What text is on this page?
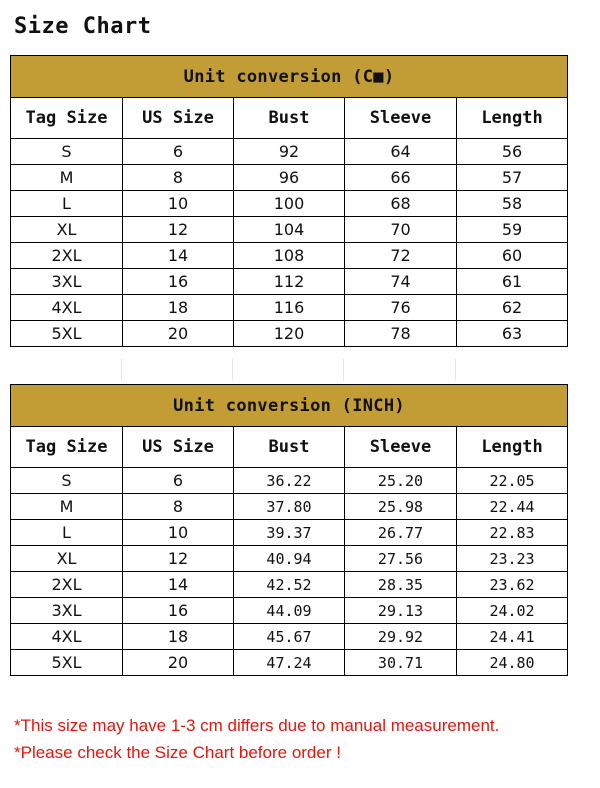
Size Chart
Unit conversion (C■)				
Tag Size	US Size	Bust	Sleeve	Length
S	6	92	64	56
M	8	96	66	57
L	10	100	68	58
XL	12	104	70	59
2XL	14	108	72	60
3XL	16	112	74	61
4XL	18	116	76	62
5XL	20	120	78	63
Unit conversion (INCH)				
Tag Size	US Size	Bust	Sleeve	Length
S	6	36.22	25.20	22.05
M	8	37.80	25.98	22.44
L	10	39.37	26.77	22.83
XL	12	40.94	27.56	23.23
2XL	14	42.52	28.35	23.62
3XL	16	44.09	29.13	24.02
4XL	18	45.67	29.92	24.41
5XL	20	47.24	30.71	24.80
*This size may have 1-3 cm differs due to manual measurement.
*Please check the Size Chart before order !
